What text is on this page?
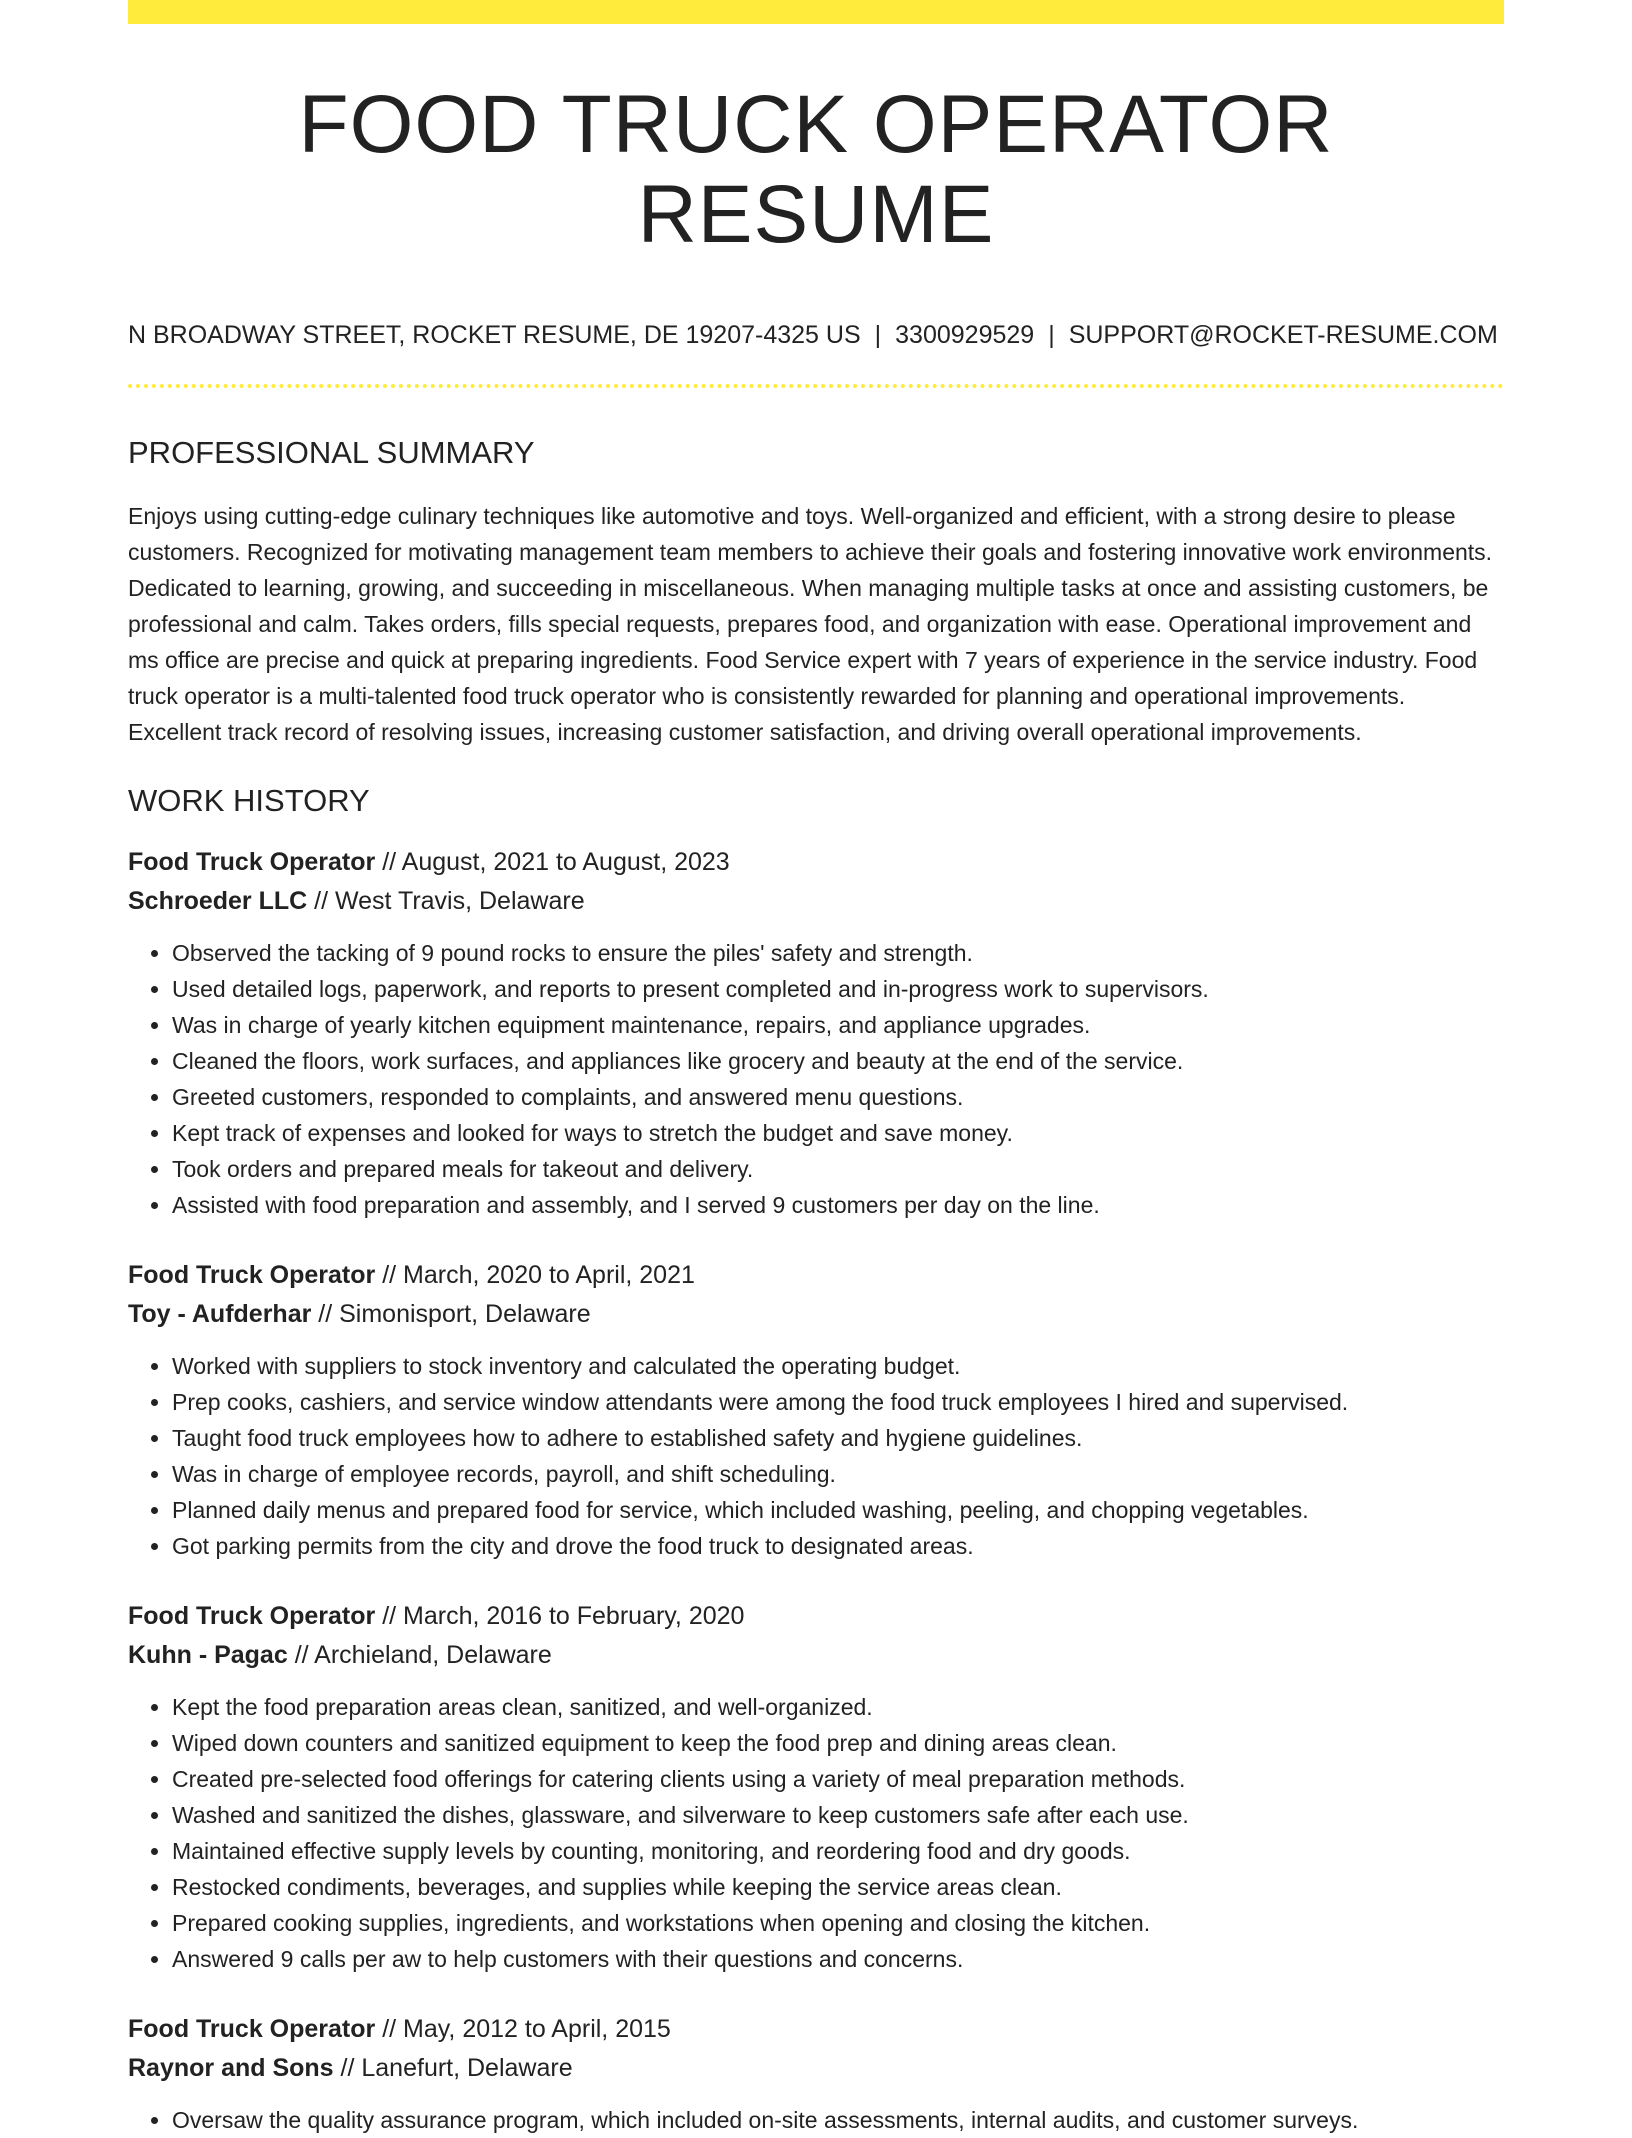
FOOD TRUCK OPERATOR RESUME
N BROADWAY STREET, ROCKET RESUME, DE 19207-4325 US | 3300929529 | SUPPORT@ROCKET-RESUME.COM
PROFESSIONAL SUMMARY

Enjoys using cutting-edge culinary techniques like automotive and toys. Well-organized and efficient, with a strong desire to please customers. Recognized for motivating management team members to achieve their goals and fostering innovative work environments. Dedicated to learning, growing, and succeeding in miscellaneous. When managing multiple tasks at once and assisting customers, be professional and calm. Takes orders, fills special requests, prepares food, and organization with ease. Operational improvement and ms office are precise and quick at preparing ingredients. Food Service expert with 7 years of experience in the service industry. Food truck operator is a multi-talented food truck operator who is consistently rewarded for planning and operational improvements. Excellent track record of resolving issues, increasing customer satisfaction, and driving overall operational improvements.

WORK HISTORY

Food Truck Operator // August, 2021 to August, 2023

Schroeder LLC // West Travis, Delaware

• Observed the tacking of 9 pound rocks to ensure the piles' safety and strength.
• Used detailed logs, paperwork, and reports to present completed and in-progress work to supervisors.
• Was in charge of yearly kitchen equipment maintenance, repairs, and appliance upgrades.
• Cleaned the floors, work surfaces, and appliances like grocery and beauty at the end of the service.
• Greeted customers, responded to complaints, and answered menu questions.
• Kept track of expenses and looked for ways to stretch the budget and save money.
• Took orders and prepared meals for takeout and delivery.
• Assisted with food preparation and assembly, and I served 9 customers per day on the line.

Food Truck Operator // March, 2020 to April, 2021

Toy - Aufderhar // Simonisport, Delaware

• Worked with suppliers to stock inventory and calculated the operating budget.
• Prep cooks, cashiers, and service window attendants were among the food truck employees I hired and supervised.
• Taught food truck employees how to adhere to established safety and hygiene guidelines.
• Was in charge of employee records, payroll, and shift scheduling.
• Planned daily menus and prepared food for service, which included washing, peeling, and chopping vegetables.
• Got parking permits from the city and drove the food truck to designated areas.

Food Truck Operator // March, 2016 to February, 2020

Kuhn - Pagac // Archieland, Delaware

• Kept the food preparation areas clean, sanitized, and well-organized.
• Wiped down counters and sanitized equipment to keep the food prep and dining areas clean.
• Created pre-selected food offerings for catering clients using a variety of meal preparation methods.
• Washed and sanitized the dishes, glassware, and silverware to keep customers safe after each use.
• Maintained effective supply levels by counting, monitoring, and reordering food and dry goods.
• Restocked condiments, beverages, and supplies while keeping the service areas clean.
• Prepared cooking supplies, ingredients, and workstations when opening and closing the kitchen.
• Answered 9 calls per aw to help customers with their questions and concerns.

Food Truck Operator // May, 2012 to April, 2015

Raynor and Sons // Lanefurt, Delaware

• Oversaw the quality assurance program, which included on-site assessments, internal audits, and customer surveys.
